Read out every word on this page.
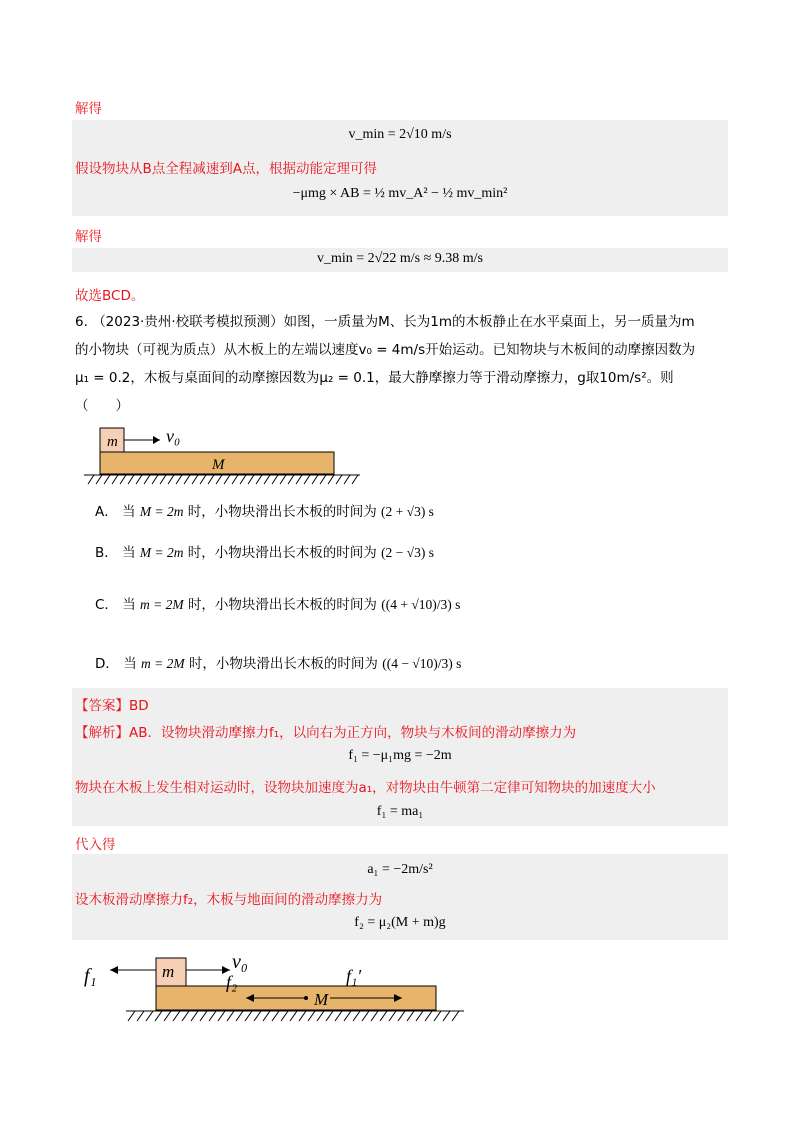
解得
v_min = 2√10 m/s
假设物块从B点全程减速到A点，根据动能定理可得
−μmg × AB = ½ mv_A² − ½ mv_min²
解得
v_min = 2√22 m/s ≈ 9.38 m/s
故选BCD。
6. （2023·贵州·校联考模拟预测）如图，一质量为M、长为1m的木板静止在水平桌面上，另一质量为m
的小物块（可视为质点）从木板上的左端以速度v₀ = 4m/s开始运动。已知物块与木板间的动摩擦因数为
μ₁ = 0.2，木板与桌面间的动摩擦因数为μ₂ = 0.1，最大静摩擦力等于滑动摩擦力，g取10m/s²。则
（　　）
m	v₀
M
A． 当 M = 2m 时，小物块滑出长木板的时间为 (2 + √3) s
B． 当 M = 2m 时，小物块滑出长木板的时间为 (2 − √3) s
C． 当 m = 2M 时，小物块滑出长木板的时间为 ((4 + √10)/3) s
D． 当 m = 2M 时，小物块滑出长木板的时间为 ((4 − √10)/3) s
【答案】BD
【解析】AB．设物块滑动摩擦力f₁，以向右为正方向，物块与木板间的滑动摩擦力为
f₁ = −μ₁mg = −2m
物块在木板上发生相对运动时，设物块加速度为a₁，对物块由牛顿第二定律可知物块的加速度大小
f₁ = ma₁
代入得
a₁ = −2m/s²
设木板滑动摩擦力f₂，木板与地面间的滑动摩擦力为
f₂ = μ₂(M + m)g
f₁	m	v₀
f₂
M
f₁′
